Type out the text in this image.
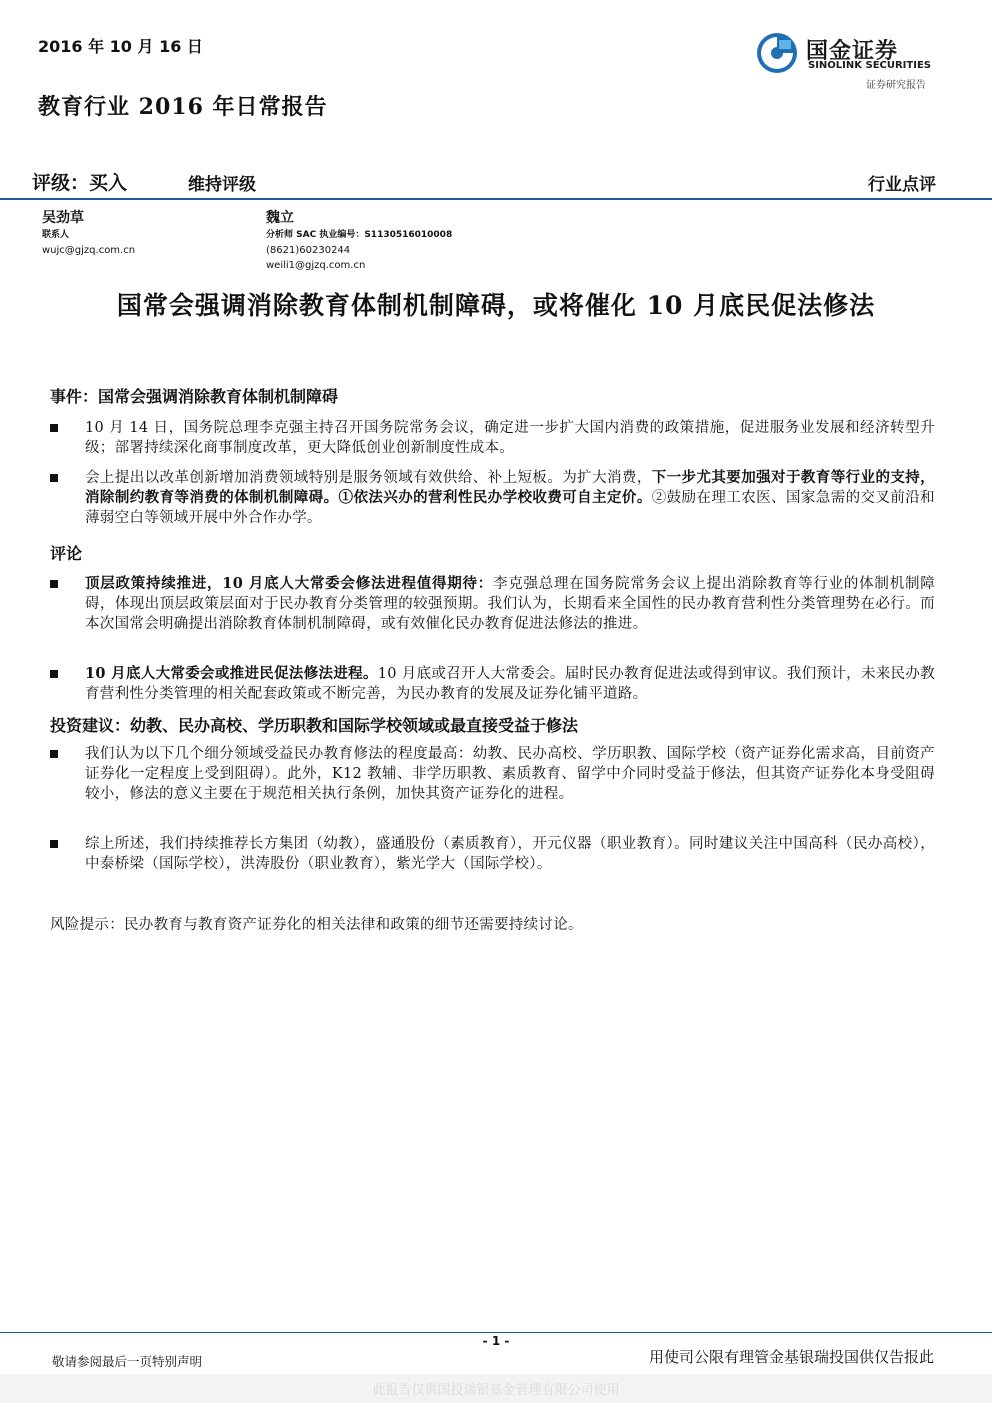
2016 年 10 月 16 日	国金证券
SINOLINK SECURITIES
证券研究报告
教育行业 2016 年日常报告
评级：买入	维持评级	行业点评
吴劲草
联系人
wujc@gjzq.com.cn
魏立
分析师 SAC 执业编号：S1130516010008
(8621)60230244
weili1@gjzq.com.cn
国常会强调消除教育体制机制障碍，或将催化 10 月底民促法修法
事件：国常会强调消除教育体制机制障碍
10 月 14 日，国务院总理李克强主持召开国务院常务会议，确定进一步扩大国内消费的政策措施，促进服务业发展和经济转型升级；部署持续深化商事制度改革，更大降低创业创新制度性成本。
会上提出以改革创新增加消费领域特别是服务领域有效供给、补上短板。为扩大消费，下一步尤其要加强对于教育等行业的支持，消除制约教育等消费的体制机制障碍。①依法兴办的营利性民办学校收费可自主定价。②鼓励在理工农医、国家急需的交叉前沿和薄弱空白等领域开展中外合作办学。
评论
顶层政策持续推进，10 月底人大常委会修法进程值得期待：李克强总理在国务院常务会议上提出消除教育等行业的体制机制障碍，体现出顶层政策层面对于民办教育分类管理的较强预期。我们认为，长期看来全国性的民办教育营利性分类管理势在必行。而本次国常会明确提出消除教育体制机制障碍，或有效催化民办教育促进法修法的推进。
10 月底人大常委会或推进民促法修法进程。10 月底或召开人大常委会。届时民办教育促进法或得到审议。我们预计，未来民办教育营利性分类管理的相关配套政策或不断完善，为民办教育的发展及证券化铺平道路。
投资建议：幼教、民办高校、学历职教和国际学校领域或最直接受益于修法
我们认为以下几个细分领域受益民办教育修法的程度最高：幼教、民办高校、学历职教、国际学校（资产证券化需求高，目前资产证券化一定程度上受到阻碍）。此外，K12 教辅、非学历职教、素质教育、留学中介同时受益于修法，但其资产证券化本身受阻碍较小，修法的意义主要在于规范相关执行条例，加快其资产证券化的进程。
综上所述，我们持续推荐长方集团（幼教），盛通股份（素质教育），开元仪器（职业教育）。同时建议关注中国高科（民办高校），中泰桥梁（国际学校），洪涛股份（职业教育），紫光学大（国际学校）。
风险提示：民办教育与教育资产证券化的相关法律和政策的细节还需要持续讨论。
- 1 -
敬请参阅最后一页特别声明	用使司公限有理管金基银瑞投国供仅告报此
此报告仅供国投瑞银基金管理有限公司使用
